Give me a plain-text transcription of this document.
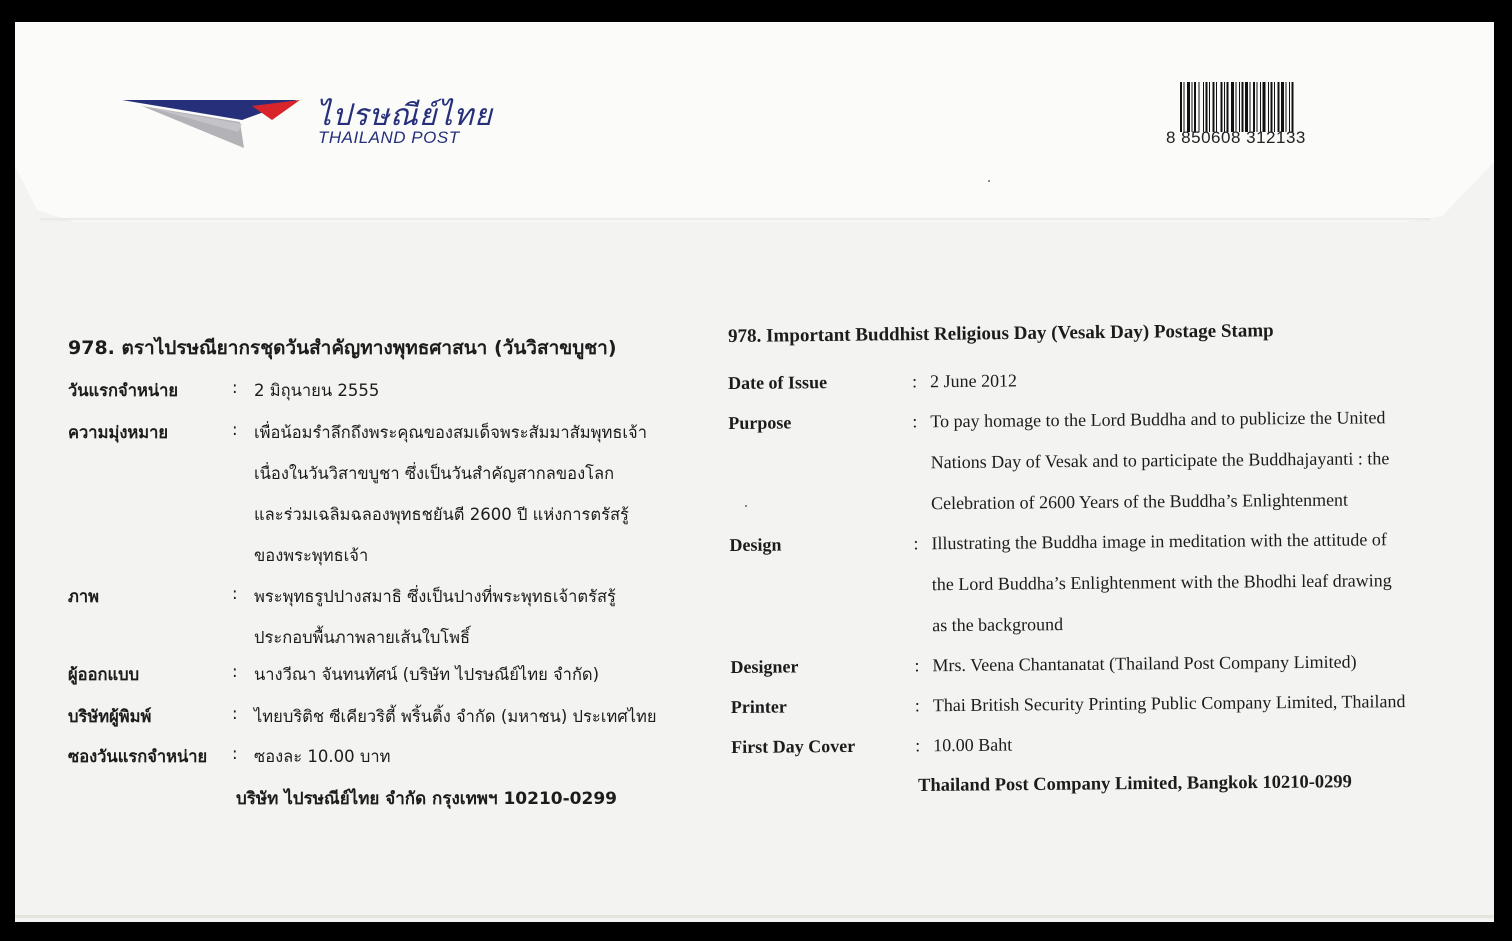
ไปรษณีย์ไทย
THAILAND POST	8 850608 312133
978. ตราไปรษณียากรชุดวันสำคัญทางพุทธศาสนา (วันวิสาขบูชา)
วันแรกจำหน่าย	: 2 มิถุนายน 2555
ความมุ่งหมาย	: เพื่อน้อมรำลึกถึงพระคุณของสมเด็จพระสัมมาสัมพุทธเจ้า
เนื่องในวันวิสาขบูชา ซึ่งเป็นวันสำคัญสากลของโลก
และร่วมเฉลิมฉลองพุทธชยันตี 2600 ปี แห่งการตรัสรู้
ของพระพุทธเจ้า
ภาพ	: พระพุทธรูปปางสมาธิ ซึ่งเป็นปางที่พระพุทธเจ้าตรัสรู้
ประกอบพื้นภาพลายเส้นใบโพธิ์
ผู้ออกแบบ	: นางวีณา จันทนทัศน์ (บริษัท ไปรษณีย์ไทย จำกัด)
บริษัทผู้พิมพ์	: ไทยบริติช ซีเคียวริตี้ พริ้นติ้ง จำกัด (มหาชน) ประเทศไทย
ซองวันแรกจำหน่าย : ซองละ 10.00 บาท
บริษัท ไปรษณีย์ไทย จำกัด กรุงเทพฯ 10210-0299
978. Important Buddhist Religious Day (Vesak Day) Postage Stamp
Date of Issue	: 2 June 2012
Purpose	: To pay homage to the Lord Buddha and to publicize the United
Nations Day of Vesak and to participate the Buddhajayanti : the
Celebration of 2600 Years of the Buddha’s Enlightenment
Design	: Illustrating the Buddha image in meditation with the attitude of
the Lord Buddha’s Enlightenment with the Bhodhi leaf drawing
as the background
Designer	: Mrs. Veena Chantanatat (Thailand Post Company Limited)
Printer	: Thai British Security Printing Public Company Limited, Thailand
First Day Cover	: 10.00 Baht
Thailand Post Company Limited, Bangkok 10210-0299
